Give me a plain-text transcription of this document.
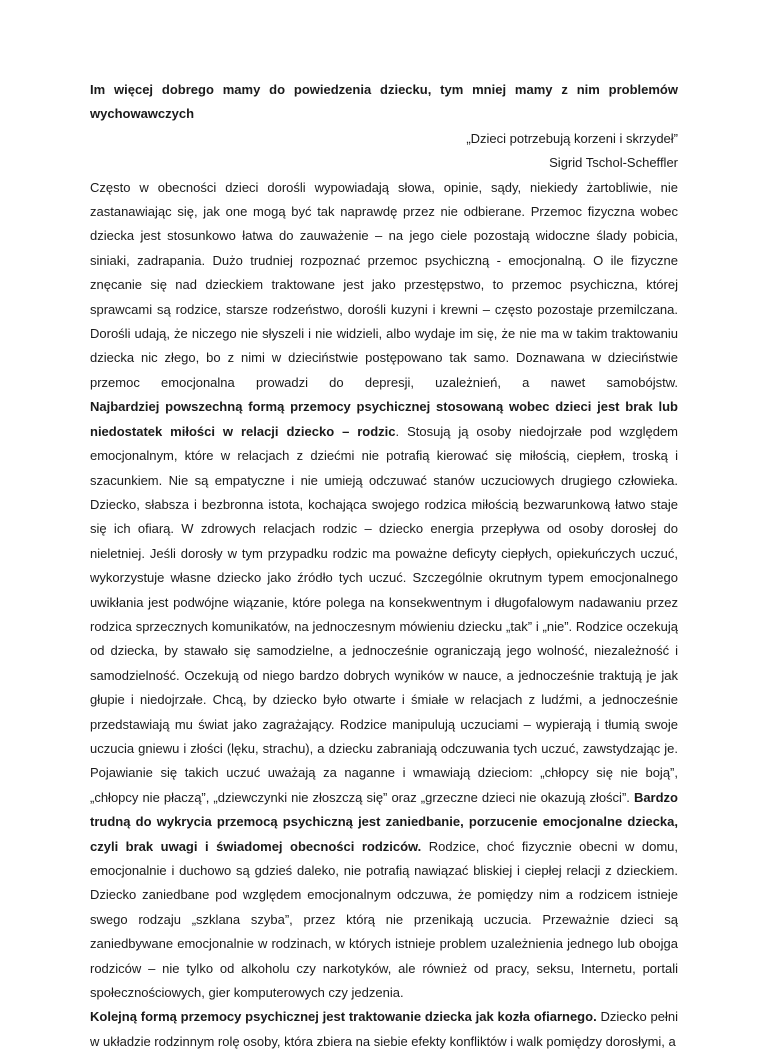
Im więcej dobrego mamy do powiedzenia dziecku, tym mniej mamy z nim problemów wychowawczych

„Dzieci potrzebują korzeni i skrzydeł”

Sigrid Tschol-Scheffler

Często w obecności dzieci dorośli wypowiadają słowa, opinie, sądy, niekiedy żartobliwie, nie zastanawiając się, jak one mogą być tak naprawdę przez nie odbierane. Przemoc fizyczna wobec dziecka jest stosunkowo łatwa do zauważenie – na jego ciele pozostają widoczne ślady pobicia, siniaki, zadrapania. Dużo trudniej rozpoznać przemoc psychiczną - emocjonalną. O ile fizyczne znęcanie się nad dzieckiem traktowane jest jako przestępstwo, to przemoc psychiczna, której sprawcami są rodzice, starsze rodzeństwo, dorośli kuzyni i krewni – często pozostaje przemilczana. Dorośli udają, że niczego nie słyszeli i nie widzieli, albo wydaje im się, że nie ma w takim traktowaniu dziecka nic złego, bo z nimi w dzieciństwie postępowano tak samo. Doznawana w dzieciństwie przemoc emocjonalna prowadzi do depresji, uzależnień, a nawet samobójstw.

Najbardziej powszechną formą przemocy psychicznej stosowaną wobec dzieci jest brak lub niedostatek miłości w relacji dziecko – rodzic. Stosują ją osoby niedojrzałe pod względem emocjonalnym, które w relacjach z dziećmi nie potrafią kierować się miłością, ciepłem, troską i szacunkiem. Nie są empatyczne i nie umieją odczuwać stanów uczuciowych drugiego człowieka. Dziecko, słabsza i bezbronna istota, kochająca swojego rodzica miłością bezwarunkową łatwo staje się ich ofiarą. W zdrowych relacjach rodzic – dziecko energia przepływa od osoby dorosłej do nieletniej. Jeśli dorosły w tym przypadku rodzic ma poważne deficyty ciepłych, opiekuńczych uczuć, wykorzystuje własne dziecko jako źródło tych uczuć. Szczególnie okrutnym typem emocjonalnego uwikłania jest podwójne wiązanie, które polega na konsekwentnym i długofalowym nadawaniu przez rodzica sprzecznych komunikatów, na jednoczesnym mówieniu dziecku „tak” i „nie”. Rodzice oczekują od dziecka, by stawało się samodzielne, a jednocześnie ograniczają jego wolność, niezależność i samodzielność. Oczekują od niego bardzo dobrych wyników w nauce, a jednocześnie traktują je jak głupie i niedojrzałe. Chcą, by dziecko było otwarte i śmiałe w relacjach z ludźmi, a jednocześnie przedstawiają mu świat jako zagrażający. Rodzice manipulują uczuciami – wypierają i tłumią swoje uczucia gniewu i złości (lęku, strachu), a dziecku zabraniają odczuwania tych uczuć, zawstydzając je. Pojawianie się takich uczuć uważają za naganne i wmawiają dzieciom: „chłopcy się nie boją”, „chłopcy nie płaczą”, „dziewczynki nie złoszczą się” oraz „grzeczne dzieci nie okazują złości”. Bardzo trudną do wykrycia przemocą psychiczną jest zaniedbanie, porzucenie emocjonalne dziecka, czyli brak uwagi i świadomej obecności rodziców. Rodzice, choć fizycznie obecni w domu, emocjonalnie i duchowo są gdzieś daleko, nie potrafią nawiązać bliskiej i ciepłej relacji z dzieckiem. Dziecko zaniedbane pod względem emocjonalnym odczuwa, że pomiędzy nim a rodzicem istnieje swego rodzaju „szklana szyba”, przez którą nie przenikają uczucia. Przeważnie dzieci są zaniedbywane emocjonalnie w rodzinach, w których istnieje problem uzależnienia jednego lub obojga rodziców – nie tylko od alkoholu czy narkotyków, ale również od pracy, seksu, Internetu, portali społecznościowych, gier komputerowych czy jedzenia.

Kolejną formą przemocy psychicznej jest traktowanie dziecka jak kozła ofiarnego. Dziecko pełni w układzie rodzinnym rolę osoby, która zbiera na siebie efekty konfliktów i walk pomiędzy dorosłymi, a
